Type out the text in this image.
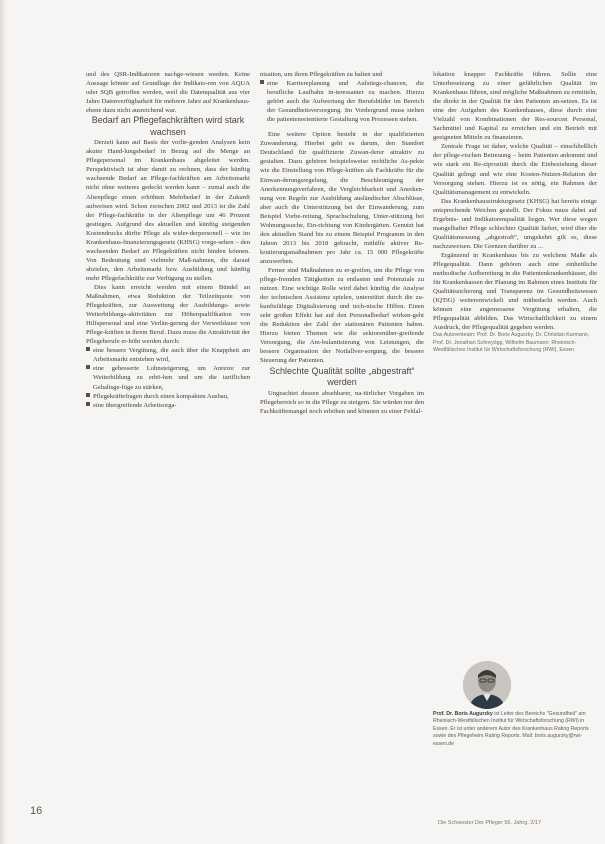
und des QSR-Indikatoren nachge-wiesen werden. Keine Aussage könnte auf Grundlage der Indikato-ren von AQUA oder SQB getroffen werden, weil die Datenqualität aus vier Jahre Datenverfügbarkeit für mehrere Jahre auf Krankenhaus-ebene dazu nicht ausreichend war.

Bedarf an Pflegefachkräften wird stark wachsen

Derzeit kann auf Basis der vorlie-genden Analysen kein akuter Hand-lungsbedarf in Bezug auf die Menge an Pflegepersonal im Krankenhaus abgeleitet werden. Perspektivisch ist aber damit zu rechnen, dass der künftig wachsende Bedarf an Pflege-fachkräften am Arbeitsmarkt nicht ohne weiteres gedeckt werden kann – zumal auch die Altenpflege einen erhöhten Mehrbedarf in der Zukunft aufweisen wird. Schon zwischen 2002 und 2013 ist die Zahl der Pflege-fachkräfte in der Altenpflege um 46 Prozent gestiegen. Aufgrund des aktuellen und künftig steigenden Kostendrucks dürfte Pflege als wider-derpersonell – wie im Krankenhaus-finanzierungsgesetz (KHSG) vorge-sehen – den wachsenden Bedarf an Pflegekräften nicht binden können. Von Bedeutung sind vielmehr Maß-nahmen, die darauf abzielen, den Arbeitsmarkt bzw. Ausbildung und künftig mehr Pflegefachkräfte zur Verfügung zu stellen.

Dies kann erreicht werden mit einem Bündel an Maßnahmen, etwa Reduktion der Teilzeitquote von Pflegekräften, zur Ausweitung der Ausbildungs- sowie Weiterbildungs-aktivitäten zur Höherqualifikation von Hilfspersonal und eine Verlän-gerung der Verweildauer von Pflege-kräften in ihrem Beruf. Dazu muss die Attraktivität der Pflegeberufe er-höht werden durch:

eine bessere Vergütung, die auch über die Knappheit am Arbeitsmarkt entstehen wird,

eine gebesserte Lohnsteigerung, um Anreize zur Weiterbildung zu erhö-hen und um die tariflichen Gehaltsge-füge zu stärken,

Pflegekräftefragen durch einen kompakten Ausbau,

eine übergreifende Arbeitsorga-

nisation, um ihren Pflegekräften zu halten und

eine Karriereplanung und Aufstiegs-chancen, die berufliche Laufbahn in-teressanter zu machen. Hierzu gehört auch die Aufwertung der Berufsbilder im Bereich der Gesundheitsversorgung. Im Vordergrund muss stehen die patientenorientierte Gestaltung von Prozessen stehen.

Eine weitere Option besteht in der qualifizierten Zuwanderung. Hierbei geht es darum, den Standort Deutschland für qualifizierte Zuwan-derer attraktiv zu gestalten. Dazu gehören beispielsweise rechtliche As-pekte wie die Einstellung von Pflege-kräften als Fachkräfte für die Einwan-derungsregelung, die Beschleunigung der Anerkennungsverfahren, die Vergleichbarkeit und Anerken-nung von Regeln zur Ausbildung ausländischer Abschlüsse, aber auch die Unterstützung bei der Einwanderung, zum Beispiel Vorbe-reitung, Sprachschulung, Unter-stützung bei Wohnungssuche, Ein-richtung von Kindergärten. Genutzt hat den aktuellen Stand bis zu einem Beispiel Programm in den Jahren 2013 bis 2018 gebracht, mithilfe aktiver Re-krutierungsmaßnahmen pro Jahr ca. 15 000 Pflegekräfte anzuwerben.

Ferner sind Maßnahmen zu er-greifen, um die Pflege von pflege-fremden Tätigkeiten zu entlasten und Potenziale zu nutzen. Eine wichtige Rolle wird dabei künftig die Analyse der technischen Assistenz spielen, unterstützt durch die zu-kunftsfähige Digitalisierung und tech-nische Hilfen. Einen sehr großen Effekt hat auf den Personalbedarf wirken-geht die Reduktion der Zahl der stationären Patienten haben. Hierzu bieten Themen wie die sektorenüber-greifende Versorgung, die Am-bulantisierung von Leistungen, die bessere Organisation der Notfallver-sorgung, die bessere Steuerung der Patienten.

Schlechte Qualität sollte „abgestraft“ werden

Ungeachtet dessen absehbarer, na-türlicher Vorgaben im Pflegebereich so in die Pflege zu steigern. Sie würden nur den Fachkräftemangel noch erhöhen und könnten zu einer Fehlal-

lokation knapper Fachkräfte führen. Sollte eine Unterbesetzung zu einer gefährlichen Qualität im Krankenhaus führen, sind mögliche Maßnahmen zu ermitteln, die direkt in der Qualität für den Patienten an-setzen. Es ist eine der Aufgaben des Krankenhauses, diese durch eine Vielzahl von Kombinationen der Res-sourcen Personal, Sachmittel und Kapital zu erreichen und ein Betrieb mit geeigneten Mitteln zu finanzieren.

Zentrale Frage ist daher, welche Qualität – einschließlich der pflege-rischen Betreuung – beim Patienten ankommt und wie stark ein Re-ziprozität durch die Einbeziehung dieser Qualität gelingt und wie eine Kosten-Nutzen-Relation der Versorgung stehen. Hierzu ist es nötig, ein Rahmen der Qualitätsmanagement zu entwickeln.

Das Krankenhausstrukturgesetz (KHSG) hat bereits einige entsprechende Weichen gestellt. Der Fokus muss dabei auf Ergebnis- und Indikatorenqualität liegen. Wer diese wegen mangelhafter Pflege schlechter Qualität liefert, wird über die Qualitätsmessung „abgestraft“, umgekehrt gilt es, diese nachzuweisen. Die Grenzen darüber zu ...

Ergänzend in Krankenhaus bis zu welchem Maße als Pflegequalität. Dann gehören auch eine einheitliche methodische Aufbereitung in die Patientenkrankenhäuser, die für Krankenkassen der Planung im Rahmen eines Instituts für Qualitätssicherung und Transparenz im Gesundheitswesen (IQTiG) weiterentwickelt und mitbedacht werden. Auch können eine angemessene Vergütung erhalten, die Pflegequalität abbilden. Das Wirtschaftlichkeit zu einem Ausdruck, der Pflegequalität gegeben werden.

Das Autorenteam: Prof. Dr. Boris Augurzky, Dr. Christian Karmann, Prof. Dr. Jonathan Schreyögg, Wilhelm Baumann; Rheinisch-Westfälisches Institut für Wirtschaftsforschung (RWI), Essen

Prof. Dr. Boris Augurzky ist Leiter des Bereichs "Gesundheit" am Rheinisch-Westfälischen Institut für Wirtschaftsforschung (RWI) in Essen. Er ist unter anderem Autor des Krankenhaus Rating Reports sowie des Pflegeheim Rating Reports. Mail: boris.augurzky@rwi-essen.de
16
Die Schwester Der Pfleger 56. Jahrg. 2/17
